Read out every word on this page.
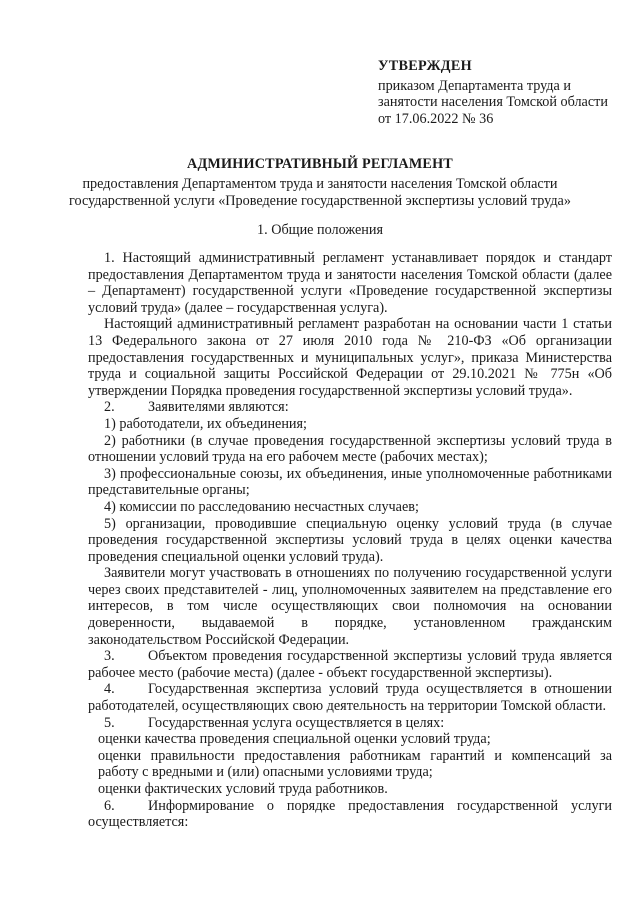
УТВЕРЖДЕН
приказом Департамента труда и
занятости населения Томской области
от 17.06.2022 № 36
АДМИНИСТРАТИВНЫЙ РЕГЛАМЕНТ
предоставления Департаментом труда и занятости населения Томской области
государственной услуги «Проведение государственной экспертизы условий труда»
1. Общие положения

1. Настоящий административный регламент устанавливает порядок и стандарт предоставления Департаментом труда и занятости населения Томской области (далее – Департамент) государственной услуги «Проведение государственной экспертизы условий труда» (далее – государственная услуга).

Настоящий административный регламент разработан на основании части 1 статьи 13 Федерального закона от 27 июля 2010 года № 210-ФЗ «Об организации предоставления государственных и муниципальных услуг», приказа Министерства труда и социальной защиты Российской Федерации от 29.10.2021 № 775н «Об утверждении Порядка проведения государственной экспертизы условий труда».

2. Заявителями являются:

1) работодатели, их объединения;

2) работники (в случае проведения государственной экспертизы условий труда в отношении условий труда на его рабочем месте (рабочих местах);

3) профессиональные союзы, их объединения, иные уполномоченные работниками представительные органы;

4) комиссии по расследованию несчастных случаев;

5) организации, проводившие специальную оценку условий труда (в случае проведения государственной экспертизы условий труда в целях оценки качества проведения специальной оценки условий труда).

Заявители могут участвовать в отношениях по получению государственной услуги через своих представителей - лиц, уполномоченных заявителем на представление его интересов, в том числе осуществляющих свои полномочия на основании доверенности, выдаваемой в порядке, установленном гражданским законодательством Российской Федерации.

3. Объектом проведения государственной экспертизы условий труда является рабочее место (рабочие места) (далее - объект государственной экспертизы).

4. Государственная экспертиза условий труда осуществляется в отношении работодателей, осуществляющих свою деятельность на территории Томской области.

5. Государственная услуга осуществляется в целях:

оценки качества проведения специальной оценки условий труда;

оценки правильности предоставления работникам гарантий и компенсаций за работу с вредными и (или) опасными условиями труда;

оценки фактических условий труда работников.

6. Информирование о порядке предоставления государственной услуги осуществляется:
